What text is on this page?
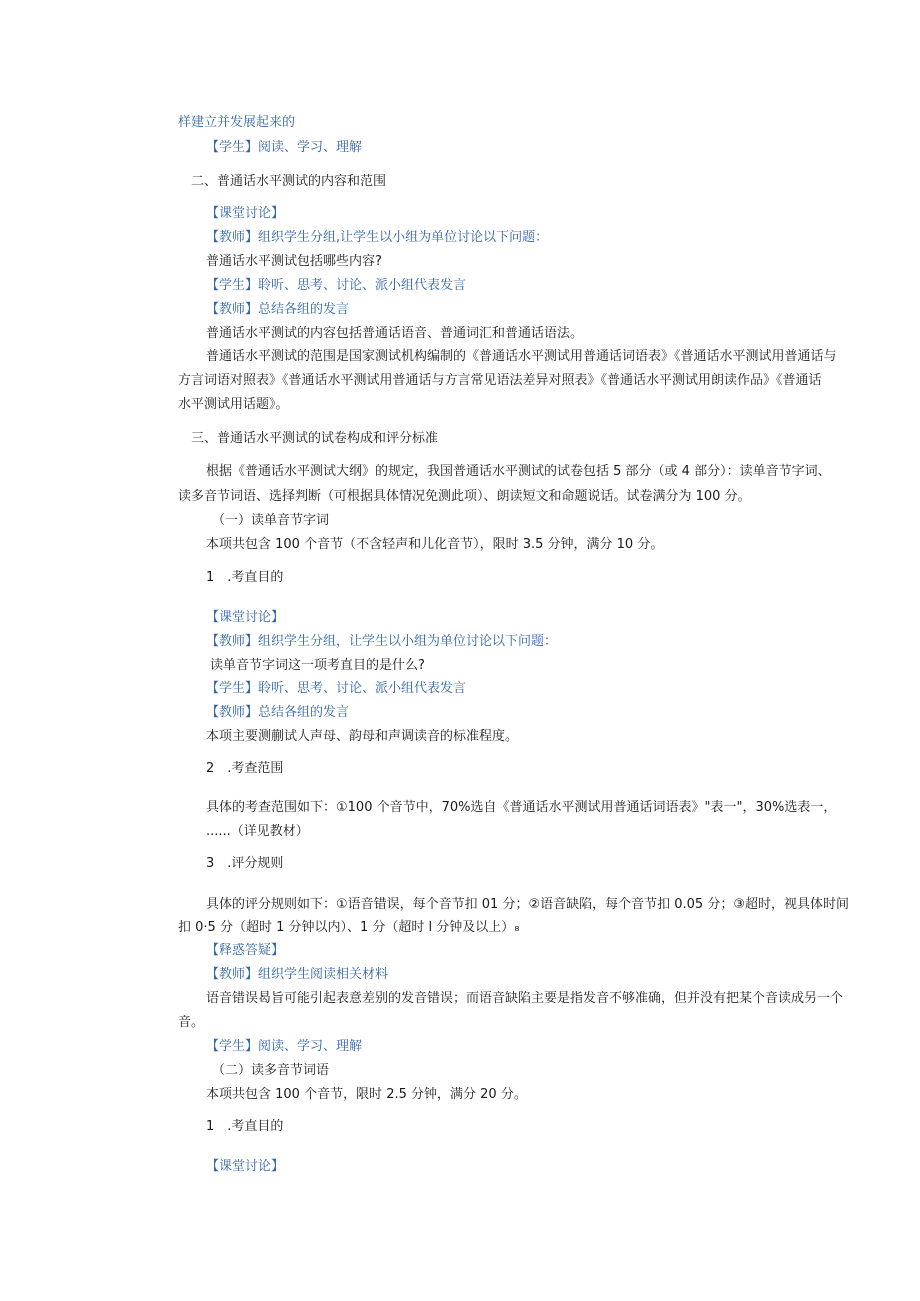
样建立并发展起来的
【学生】阅读、学习、理解
二、普通话水平测试的内容和范围
【课堂讨论】
【教师】组织学生分组,让学生以小组为单位讨论以下问题：
普通话水平测试包括哪些内容?
【学生】聆听、思考、讨论、派小组代表发言
【教师】总结各组的发言
普通话水平测试的内容包括普通话语音、普通词汇和普通话语法。
普通话水平测试的范围是国家测试机构编制的《普通话水平测试用普通话词语表》《普通话水平测试用普通话与
方言词语对照表》《普通话水平测试用普通话与方言常见语法差异对照表》《普通话水平测试用朗读作品》《普通话
水平测试用话题》。
三、普通话水平测试的试卷构成和评分标准
根据《普通话水平测试大纲》的规定，我国普通话水平测试的试卷包括 5 部分（或 4 部分）：读单音节字词、
读多音节词语、选择判断（可根据具体情况免测此项）、朗读短文和命题说话。试卷满分为 100 分。
（一）读单音节字词
本项共包含 100 个音节（不含轻声和儿化音节），限时 3.5 分钟，满分 10 分。
1　.考直目的
【课堂讨论】
【教师】组织学生分组，让学生以小组为单位讨论以下问题：
读单音节字词这一项考直目的是什么?
【学生】聆听、思考、讨论、派小组代表发言
【教师】总结各组的发言
本项主要测蒯试人声母、韵母和声调读音的标准程度。
2　.考查范围
具体的考查范围如下：①100 个音节中，70%选自《普通话水平测试用普通话词语表》"表一"，30%选表一，
......（详见教材）
3　.评分规则
具体的评分规则如下：①语音错误，每个音节扣 01 分；②语音缺陷，每个音节扣 0.05 分；③超时，视具体时间
扣 0·5 分（超时 1 分钟以内）、1 分（超时 l 分钟及以上）₈
【释惑答疑】
【教师】组织学生阅读相关材料
语音错误曷旨可能引起表意差别的发音错误；而语音缺陷主要是指发音不够准确，但并没有把某个音读成另一个
音。
【学生】阅读、学习、理解
（二）读多音节词语
本项共包含 100 个音节，限时 2.5 分钟，满分 20 分。
1　.考直目的
【课堂讨论】
